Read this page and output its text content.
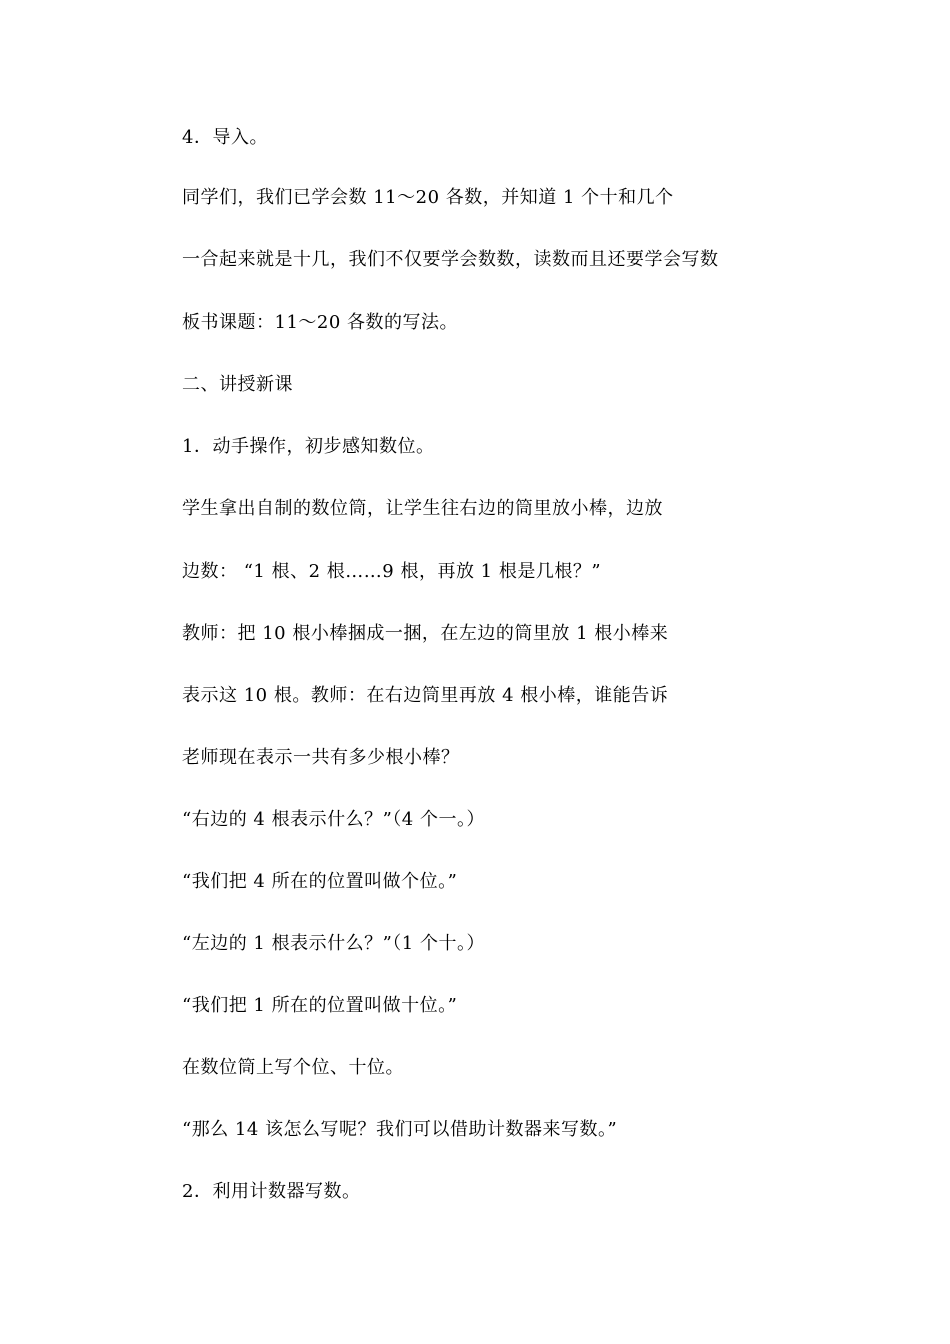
4．导入。
同学们，我们已学会数 11～20 各数，并知道 1 个十和几个
一合起来就是十几，我们不仅要学会数数，读数而且还要学会写数
板书课题：11～20 各数的写法。
二、讲授新课
1．动手操作，初步感知数位。
学生拿出自制的数位筒，让学生往右边的筒里放小棒，边放
边数： “1 根、2 根……9 根，再放 1 根是几根？”
教师：把 10 根小棒捆成一捆，在左边的筒里放 1 根小棒来
表示这 10 根。教师：在右边筒里再放 4 根小棒，谁能告诉
老师现在表示一共有多少根小棒？
“右边的 4 根表示什么？”（4 个一。）
“我们把 4 所在的位置叫做个位。”
“左边的 1 根表示什么？”（1 个十。）
“我们把 1 所在的位置叫做十位。”
在数位筒上写个位、十位。
“那么 14 该怎么写呢？我们可以借助计数器来写数。”
2．利用计数器写数。
